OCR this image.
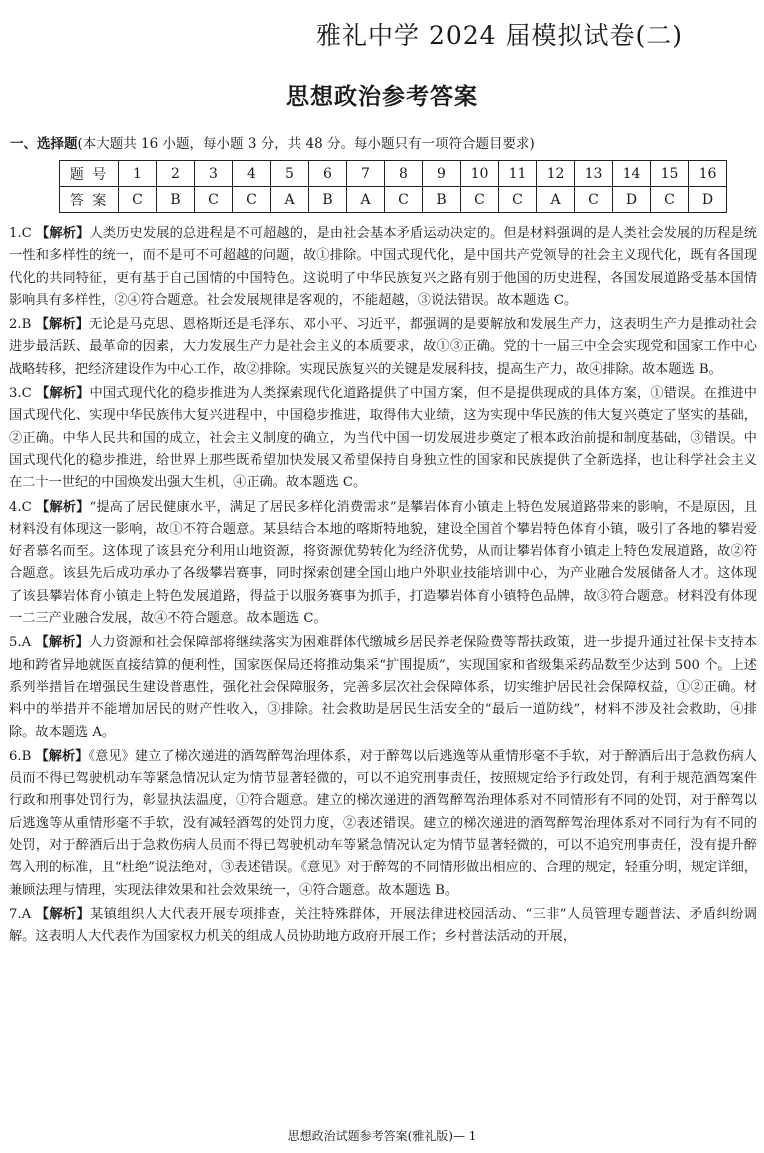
雅礼中学 2024 届模拟试卷(二)
思想政治参考答案
一、选择题(本大题共 16 小题，每小题 3 分，共 48 分。每小题只有一项符合题目要求)
题 号	1	2	3	4	5	6	7	8	9	10	11	12	13	14	15	16
答 案	C	B	C	C	A	B	A	C	B	C	C	A	C	D	C	D

1.C 【解析】人类历史发展的总进程是不可超越的，是由社会基本矛盾运动决定的。但是材料强调的是人类社会发展的历程是统一性和多样性的统一，而不是可不可超越的问题，故①排除。中国式现代化，是中国共产党领导的社会主义现代化，既有各国现代化的共同特征，更有基于自己国情的中国特色。这说明了中华民族复兴之路有别于他国的历史进程，各国发展道路受基本国情影响具有多样性，②④符合题意。社会发展规律是客观的，不能超越，③说法错误。故本题选 C。

2.B 【解析】无论是马克思、恩格斯还是毛泽东、邓小平、习近平，都强调的是要解放和发展生产力，这表明生产力是推动社会进步最活跃、最革命的因素，大力发展生产力是社会主义的本质要求，故①③正确。党的十一届三中全会实现党和国家工作中心战略转移，把经济建设作为中心工作，故②排除。实现民族复兴的关键是发展科技，提高生产力，故④排除。故本题选 B。

3.C 【解析】中国式现代化的稳步推进为人类探索现代化道路提供了中国方案，但不是提供现成的具体方案，①错误。在推进中国式现代化、实现中华民族伟大复兴进程中，中国稳步推进，取得伟大业绩，这为实现中华民族的伟大复兴奠定了坚实的基础，②正确。中华人民共和国的成立，社会主义制度的确立，为当代中国一切发展进步奠定了根本政治前提和制度基础，③错误。中国式现代化的稳步推进，给世界上那些既希望加快发展又希望保持自身独立性的国家和民族提供了全新选择，也让科学社会主义在二十一世纪的中国焕发出强大生机，④正确。故本题选 C。

4.C 【解析】“提高了居民健康水平，满足了居民多样化消费需求”是攀岩体育小镇走上特色发展道路带来的影响，不是原因，且材料没有体现这一影响，故①不符合题意。某县结合本地的喀斯特地貌，建设全国首个攀岩特色体育小镇，吸引了各地的攀岩爱好者慕名而至。这体现了该县充分利用山地资源，将资源优势转化为经济优势，从而让攀岩体育小镇走上特色发展道路，故②符合题意。该县先后成功承办了各级攀岩赛事，同时探索创建全国山地户外职业技能培训中心，为产业融合发展储备人才。这体现了该县攀岩体育小镇走上特色发展道路，得益于以服务赛事为抓手，打造攀岩体育小镇特色品牌，故③符合题意。材料没有体现一二三产业融合发展，故④不符合题意。故本题选 C。

5.A 【解析】人力资源和社会保障部将继续落实为困难群体代缴城乡居民养老保险费等帮扶政策，进一步提升通过社保卡支持本地和跨省异地就医直接结算的便利性，国家医保局还将推动集采“扩围提质”，实现国家和省级集采药品数至少达到 500 个。上述系列举措旨在增强民生建设普惠性，强化社会保障服务，完善多层次社会保障体系，切实维护居民社会保障权益，①②正确。材料中的举措并不能增加居民的财产性收入，③排除。社会救助是居民生活安全的“最后一道防线”，材料不涉及社会救助，④排除。故本题选 A。

6.B 【解析】《意见》建立了梯次递进的酒驾醉驾治理体系，对于醉驾以后逃逸等从重情形毫不手软，对于醉酒后出于急救伤病人员而不得已驾驶机动车等紧急情况认定为情节显著轻微的，可以不追究刑事责任，按照规定给予行政处罚，有利于规范酒驾案件行政和刑事处罚行为，彰显执法温度，①符合题意。建立的梯次递进的酒驾醉驾治理体系对不同情形有不同的处罚，对于醉驾以后逃逸等从重情形毫不手软，没有减轻酒驾的处罚力度，②表述错误。建立的梯次递进的酒驾醉驾治理体系对不同行为有不同的处罚，对于醉酒后出于急救伤病人员而不得已驾驶机动车等紧急情况认定为情节显著轻微的，可以不追究刑事责任，没有提升醉驾入刑的标准，且“杜绝”说法绝对，③表述错误。《意见》对于醉驾的不同情形做出相应的、合理的规定，轻重分明，规定详细，兼顾法理与情理，实现法律效果和社会效果统一，④符合题意。故本题选 B。

7.A 【解析】某镇组织人大代表开展专项排查，关注特殊群体，开展法律进校园活动、“三非”人员管理专题普法、矛盾纠纷调解。这表明人大代表作为国家权力机关的组成人员协助地方政府开展工作；乡村普法活动的开展，

思想政治试题参考答案(雅礼版)— 1
